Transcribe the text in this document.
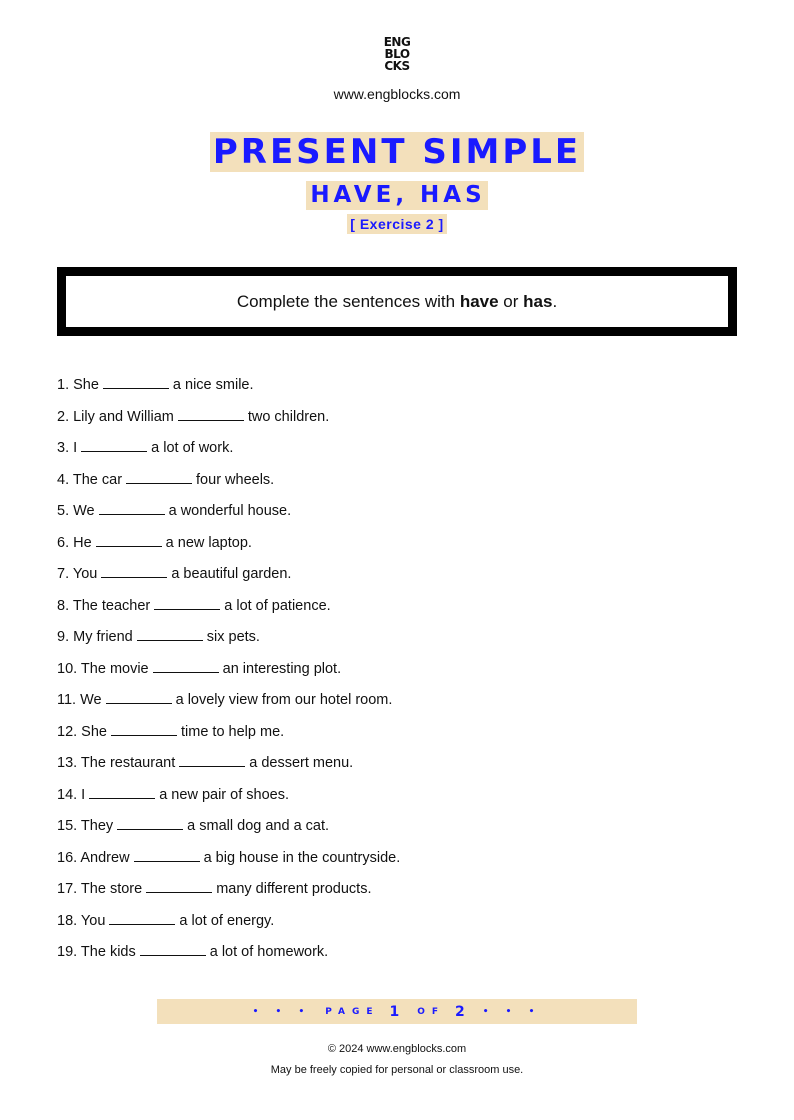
ENG
BLO
CKS
www.engblocks.com
PRESENT SIMPLE
HAVE, HAS
[ Exercise 2 ]
Complete the sentences with have or has.
1. She	a nice smile.
2. Lily and William	two children.
3. I	a lot of work.
4. The car	four wheels.
5. We	a wonderful house.
6. He	a new laptop.
7. You	a beautiful garden.
8. The teacher	a lot of patience.
9. My friend	six pets.
10. The movie	an interesting plot.
11. We	a lovely view from our hotel room.
12. She	time to help me.
13. The restaurant	a dessert menu.
14. I	a new pair of shoes.
15. They	a small dog and a cat.
16. Andrew	a big house in the countryside.
17. The store	many different products.
18. You	a lot of energy.
19. The kids	a lot of homework.
• • • PAGE 1 OF 2 • • •
© 2024 www.engblocks.com
May be freely copied for personal or classroom use.
